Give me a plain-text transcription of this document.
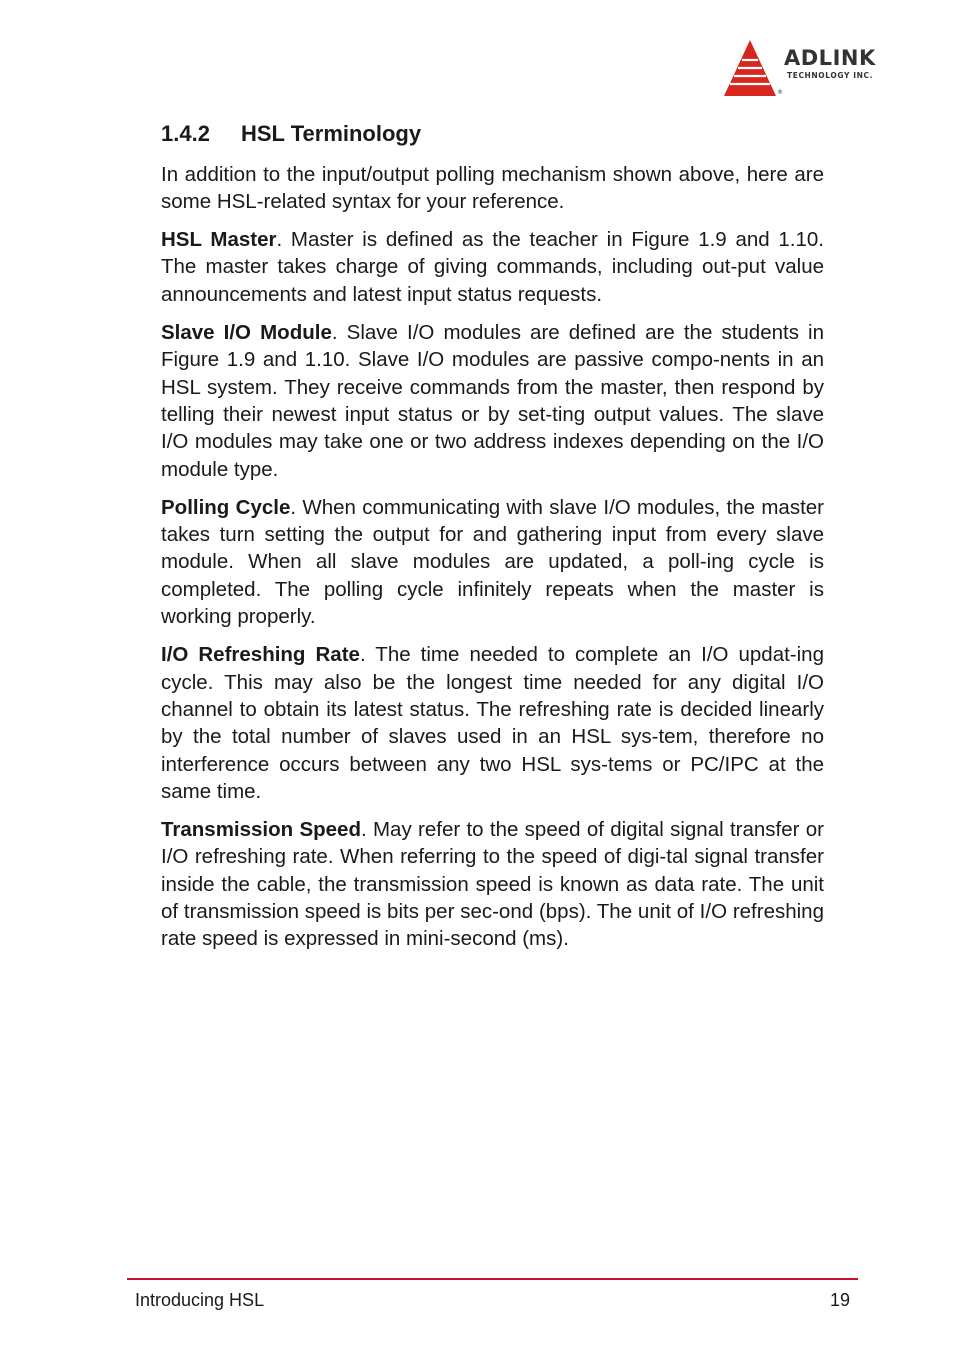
ADLINK
TECHNOLOGY INC.
®
1.4.2 HSL Terminology

In addition to the input/output polling mechanism shown above, here are some HSL-related syntax for your reference.

HSL Master. Master is defined as the teacher in Figure 1.9 and 1.10. The master takes charge of giving commands, including out-put value announcements and latest input status requests.

Slave I/O Module. Slave I/O modules are defined are the students in Figure 1.9 and 1.10. Slave I/O modules are passive compo-nents in an HSL system. They receive commands from the master, then respond by telling their newest input status or by set-ting output values. The slave I/O modules may take one or two address indexes depending on the I/O module type.

Polling Cycle. When communicating with slave I/O modules, the master takes turn setting the output for and gathering input from every slave module. When all slave modules are updated, a poll-ing cycle is completed. The polling cycle infinitely repeats when the master is working properly.

I/O Refreshing Rate. The time needed to complete an I/O updat-ing cycle. This may also be the longest time needed for any digital I/O channel to obtain its latest status. The refreshing rate is decided linearly by the total number of slaves used in an HSL sys-tem, therefore no interference occurs between any two HSL sys-tems or PC/IPC at the same time.

Transmission Speed. May refer to the speed of digital signal transfer or I/O refreshing rate. When referring to the speed of digi-tal signal transfer inside the cable, the transmission speed is known as data rate. The unit of transmission speed is bits per sec-ond (bps). The unit of I/O refreshing rate speed is expressed in mini-second (ms).

Introducing HSL	19
